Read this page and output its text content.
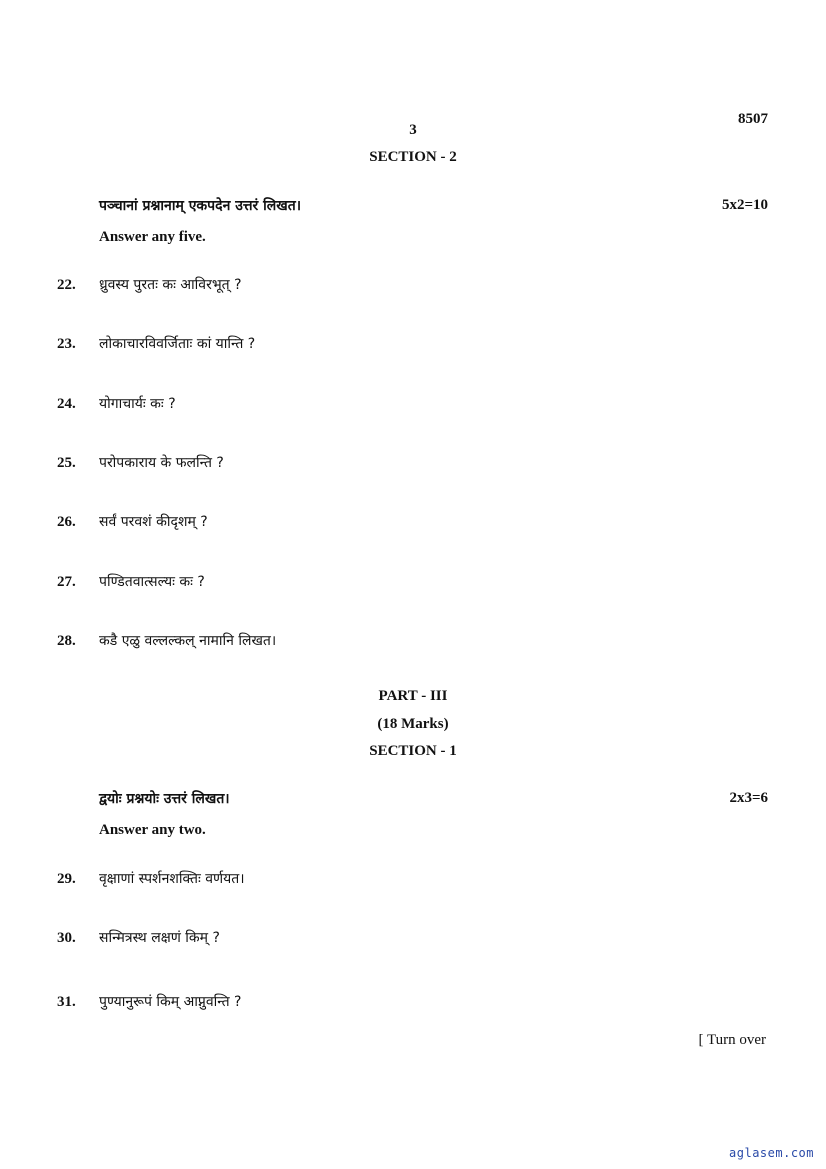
8507
3
SECTION - 2
पञ्चानां प्रश्नानाम् एकपदेन उत्तरं लिखत।	5x2=10
Answer any five.
22.	ध्रुवस्य पुरतः कः आविरभूत् ?
23.	लोकाचारविवर्जिताः कां यान्ति ?
24.	योगाचार्यः कः ?
25.	परोपकाराय के फलन्ति ?
26.	सर्वं परवशं कीदृशम् ?
27.	पण्डितवात्सल्यः कः ?
28.	कडै एळु वल्लल्कल् नामानि लिखत।
PART - III
(18 Marks)
SECTION - 1
द्वयोः प्रश्नयोः उत्तरं लिखत।	2x3=6
Answer any two.
29.	वृक्षाणां स्पर्शनशक्तिः वर्णयत।
30.	सन्मित्रस्थ लक्षणं किम् ?
31.	पुण्यानुरूपं किम् आप्नुवन्ति ?
[ Turn over
aglasem.com
